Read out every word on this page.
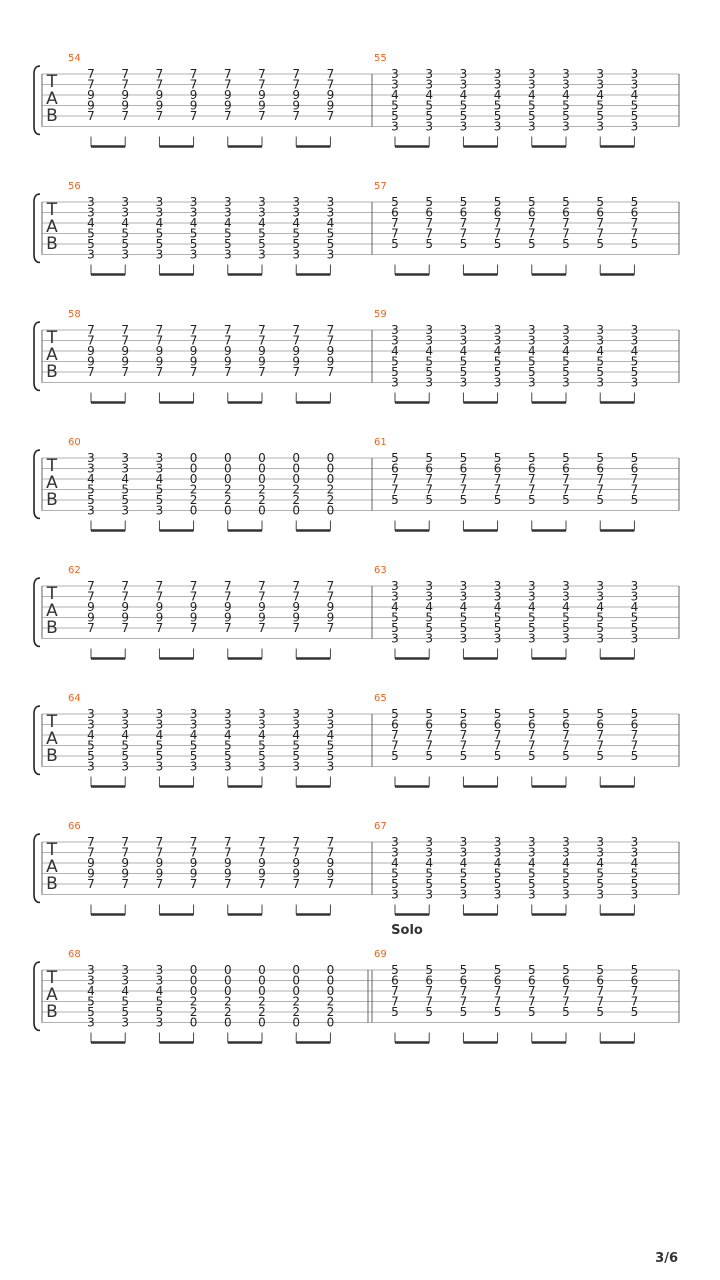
3/6
T
A
B
54
7
7
9
9
7
7
7
9
9
7
7
7
9
9
7
7
7
9
9
7
7
7
9
9
7
7
7
9
9
7
7
7
9
9
7
7
7
9
9
7
55
3
3
4
5
5
3
3
3
4
5
5
3
3
3
4
5
5
3
3
3
4
5
5
3
3
3
4
5
5
3
3
3
4
5
5
3
3
3
4
5
5
3
3
3
4
5
5
3
T
A
B
56
3
3
4
5
5
3
3
3
4
5
5
3
3
3
4
5
5
3
3
3
4
5
5
3
3
3
4
5
5
3
3
3
4
5
5
3
3
3
4
5
5
3
3
3
4
5
5
3
57
5
6
7
7
5
5
6
7
7
5
5
6
7
7
5
5
6
7
7
5
5
6
7
7
5
5
6
7
7
5
5
6
7
7
5
5
6
7
7
5
T
A
B
58
7
7
9
9
7
7
7
9
9
7
7
7
9
9
7
7
7
9
9
7
7
7
9
9
7
7
7
9
9
7
7
7
9
9
7
7
7
9
9
7
59
3
3
4
5
5
3
3
3
4
5
5
3
3
3
4
5
5
3
3
3
4
5
5
3
3
3
4
5
5
3
3
3
4
5
5
3
3
3
4
5
5
3
3
3
4
5
5
3
T
A
B
60
3
3
4
5
5
3
3
3
4
5
5
3
3
3
4
5
5
3
0
0
0
2
2
0
0
0
0
2
2
0
0
0
0
2
2
0
0
0
0
2
2
0
0
0
0
2
2
0
61
5
6
7
7
5
5
6
7
7
5
5
6
7
7
5
5
6
7
7
5
5
6
7
7
5
5
6
7
7
5
5
6
7
7
5
5
6
7
7
5
T
A
B
62
7
7
9
9
7
7
7
9
9
7
7
7
9
9
7
7
7
9
9
7
7
7
9
9
7
7
7
9
9
7
7
7
9
9
7
7
7
9
9
7
63
3
3
4
5
5
3
3
3
4
5
5
3
3
3
4
5
5
3
3
3
4
5
5
3
3
3
4
5
5
3
3
3
4
5
5
3
3
3
4
5
5
3
3
3
4
5
5
3
T
A
B
64
3
3
4
5
5
3
3
3
4
5
5
3
3
3
4
5
5
3
3
3
4
5
5
3
3
3
4
5
5
3
3
3
4
5
5
3
3
3
4
5
5
3
3
3
4
5
5
3
65
5
6
7
7
5
5
6
7
7
5
5
6
7
7
5
5
6
7
7
5
5
6
7
7
5
5
6
7
7
5
5
6
7
7
5
5
6
7
7
5
T
A
B
66
7
7
9
9
7
7
7
9
9
7
7
7
9
9
7
7
7
9
9
7
7
7
9
9
7
7
7
9
9
7
7
7
9
9
7
7
7
9
9
7
67
3
3
4
5
5
3
3
3
4
5
5
3
3
3
4
5
5
3
3
3
4
5
5
3
3
3
4
5
5
3
3
3
4
5
5
3
3
3
4
5
5
3
3
3
4
5
5
3
T
A
B
Solo
68
3
3
4
5
5
3
3
3
4
5
5
3
3
3
4
5
5
3
0
0
0
2
2
0
0
0
0
2
2
0
0
0
0
2
2
0
0
0
0
2
2
0
0
0
0
2
2
0
69
5
6
7
7
5
5
6
7
7
5
5
6
7
7
5
5
6
7
7
5
5
6
7
7
5
5
6
7
7
5
5
6
7
7
5
5
6
7
7
5
